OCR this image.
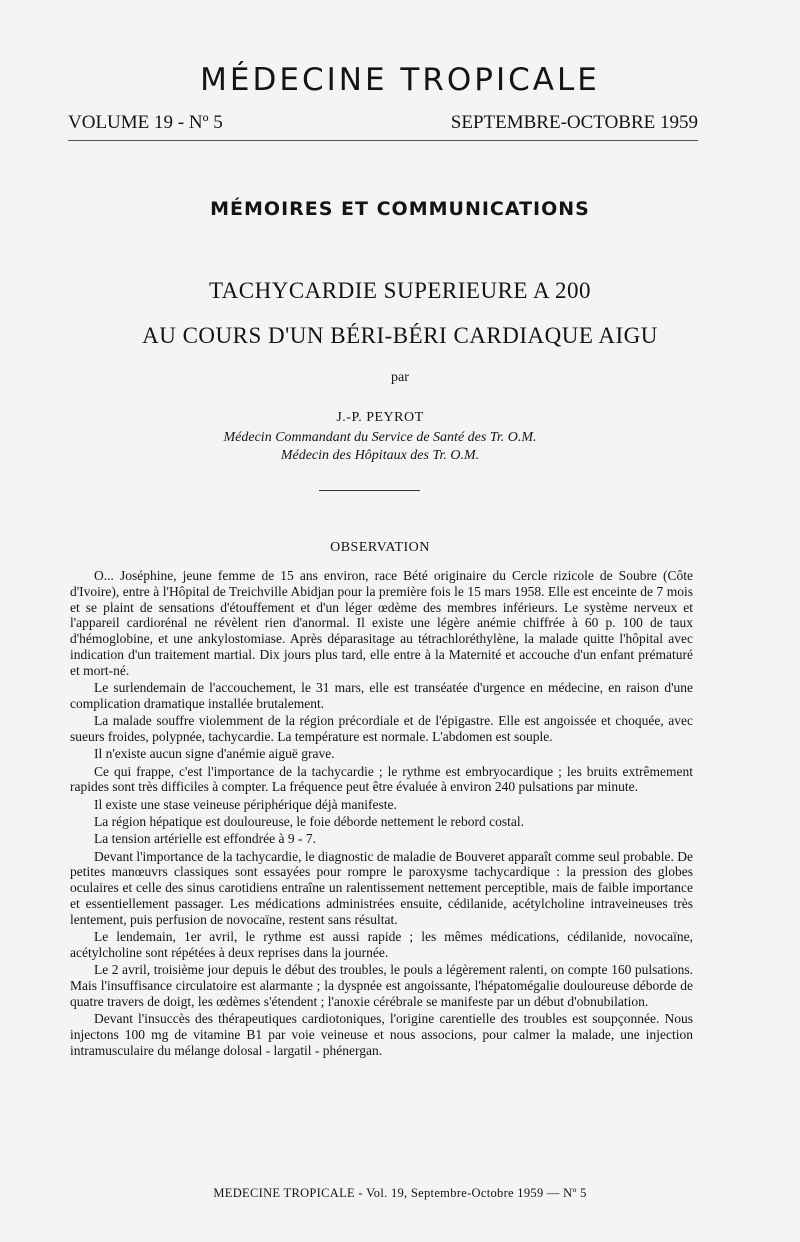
MÉDECINE TROPICALE
VOLUME 19 - Nº 5	SEPTEMBRE-OCTOBRE 1959
MÉMOIRES ET COMMUNICATIONS
TACHYCARDIE SUPERIEURE A 200
AU COURS D'UN BÉRI-BÉRI CARDIAQUE AIGU
par
J.-P. PEYROT
Médecin Commandant du Service de Santé des Tr. O.M.
Médecin des Hôpitaux des Tr. O.M.
OBSERVATION

O... Joséphine, jeune femme de 15 ans environ, race Bété originaire du Cercle rizicole de Soubre (Côte d'Ivoire), entre à l'Hôpital de Treichville Abidjan pour la première fois le 15 mars 1958. Elle est enceinte de 7 mois et se plaint de sensations d'étouffement et d'un léger œdème des membres inférieurs. Le système nerveux et l'appareil cardiorénal ne révèlent rien d'anormal. Il existe une légère anémie chiffrée à 60 p. 100 de taux d'hémoglobine, et une ankylostomiase. Après déparasitage au tétrachloréthylène, la malade quitte l'hôpital avec indication d'un traitement martial. Dix jours plus tard, elle entre à la Maternité et accouche d'un enfant prématuré et mort-né.

Le surlendemain de l'accouchement, le 31 mars, elle est transéatée d'urgence en médecine, en raison d'une complication dramatique installée brutalement.

La malade souffre violemment de la région précordiale et de l'épigastre. Elle est angoissée et choquée, avec sueurs froides, polypnée, tachycardie. La température est normale. L'abdomen est souple.

Il n'existe aucun signe d'anémie aiguë grave.

Ce qui frappe, c'est l'importance de la tachycardie ; le rythme est embryocardique ; les bruits extrêmement rapides sont très difficiles à compter. La fréquence peut être évaluée à environ 240 pulsations par minute.

Il existe une stase veineuse périphérique déjà manifeste.

La région hépatique est douloureuse, le foie déborde nettement le rebord costal.

La tension artérielle est effondrée à 9 - 7.

Devant l'importance de la tachycardie, le diagnostic de maladie de Bouveret apparaît comme seul probable. De petites manœuvrs classiques sont essayées pour rompre le paroxysme tachycardique : la pression des globes oculaires et celle des sinus carotidiens entraîne un ralentissement nettement perceptible, mais de faible importance et essentiellement passager. Les médications administrées ensuite, cédilanide, acétylcholine intraveineuses très lentement, puis perfusion de novocaïne, restent sans résultat.

Le lendemain, 1er avril, le rythme est aussi rapide ; les mêmes médications, cédilanide, novocaïne, acétylcholine sont répétées à deux reprises dans la journée.

Le 2 avril, troisième jour depuis le début des troubles, le pouls a légèrement ralenti, on compte 160 pulsations. Mais l'insuffisance circulatoire est alarmante ; la dyspnée est angoissante, l'hépatomégalie douloureuse déborde de quatre travers de doigt, les œdèmes s'étendent ; l'anoxie cérébrale se manifeste par un début d'obnubilation.

Devant l'insuccès des thérapeutiques cardiotoniques, l'origine carentielle des troubles est soupçonnée. Nous injectons 100 mg de vitamine B1 par voie veineuse et nous associons, pour calmer la malade, une injection intramusculaire du mélange dolosal - largatil - phénergan.

MEDECINE TROPICALE - Vol. 19, Septembre-Octobre 1959 — Nº 5
